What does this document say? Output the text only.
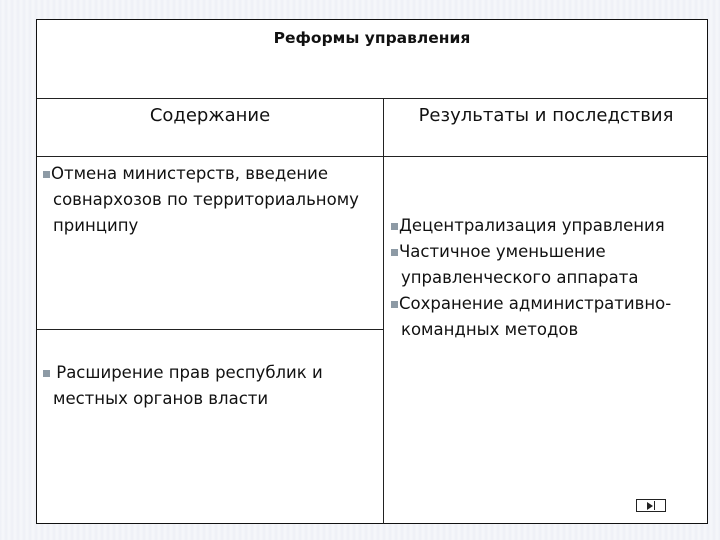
Реформы управления
Содержание	Результаты и последствия
Отмена министерств, введение
совнархозов по территориальному
принципу
Расширение прав республик и
местных органов власти
Децентрализация управления
Частичное уменьшение
управленческого аппарата
Сохранение административно-
командных методов
